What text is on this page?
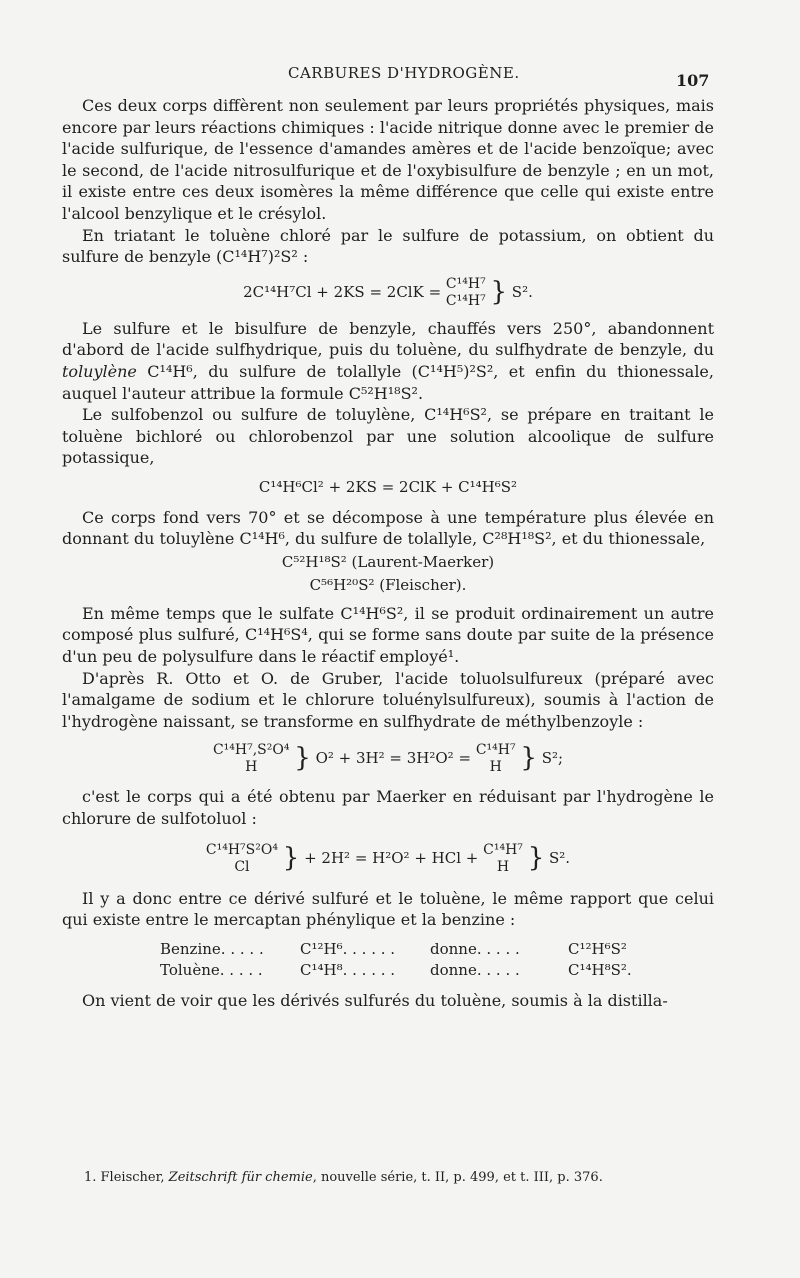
CARBURES D'HYDROGÈNE.	107

Ces deux corps diffèrent non seulement par leurs propriétés physiques, mais encore par leurs réactions chimiques : l'acide nitrique donne avec le premier de l'acide sulfurique, de l'essence d'amandes amères et de l'acide benzoïque; avec le second, de l'acide nitrosulfurique et de l'oxybisulfure de benzyle ; en un mot, il existe entre ces deux isomères la même différence que celle qui existe entre l'alcool benzylique et le crésylol.

En triatant le toluène chloré par le sulfure de potassium, on obtient du sulfure de benzyle (C¹⁴H⁷)²S² :

2C¹⁴H⁷Cl + 2KS = 2ClK = C¹⁴H⁷
C¹⁴H⁷ } S².

Le sulfure et le bisulfure de benzyle, chauffés vers 250°, abandonnent d'abord de l'acide sulfhydrique, puis du toluène, du sulfhydrate de benzyle, du toluylène C¹⁴H⁶, du sulfure de tolallyle (C¹⁴H⁵)²S², et enfin du thionessale, auquel l'auteur attribue la formule C⁵²H¹⁸S².

Le sulfobenzol ou sulfure de toluylène, C¹⁴H⁶S², se prépare en traitant le toluène bichloré ou chlorobenzol par une solution alcoolique de sulfure potassique,

C¹⁴H⁶Cl² + 2KS = 2ClK + C¹⁴H⁶S²

Ce corps fond vers 70° et se décompose à une température plus élevée en donnant du toluylène C¹⁴H⁶, du sulfure de tolallyle, C²⁸H¹⁸S², et du thionessale,

C⁵²H¹⁸S² (Laurent-Maerker)
C⁵⁶H²⁰S² (Fleischer).

En même temps que le sulfate C¹⁴H⁶S², il se produit ordinairement un autre composé plus sulfuré, C¹⁴H⁶S⁴, qui se forme sans doute par suite de la présence d'un peu de polysulfure dans le réactif employé¹.

D'après R. Otto et O. de Gruber, l'acide toluolsulfureux (préparé avec l'amalgame de sodium et le chlorure toluénylsulfureux), soumis à l'action de l'hydrogène naissant, se transforme en sulfhydrate de méthylbenzoyle :

C¹⁴H⁷,S²O⁴
H } O² + 3H² = 3H²O² = C¹⁴H⁷
H } S²;

c'est le corps qui a été obtenu par Maerker en réduisant par l'hydrogène le chlorure de sulfotoluol :

C¹⁴H⁷S²O⁴
Cl } + 2H² = H²O² + HCl + C¹⁴H⁷
H } S².

Il y a donc entre ce dérivé sulfuré et le toluène, le même rapport que celui qui existe entre le mercaptan phénylique et la benzine :

Benzine. . . . .	C¹²H⁶. . . . . .	donne. . . . .	C¹²H⁶S²
Toluène. . . . .	C¹⁴H⁸. . . . . .	donne. . . . .	C¹⁴H⁸S².

On vient de voir que les dérivés sulfurés du toluène, soumis à la distilla-

1. Fleischer, Zeitschrift für chemie, nouvelle série, t. II, p. 499, et t. III, p. 376.
